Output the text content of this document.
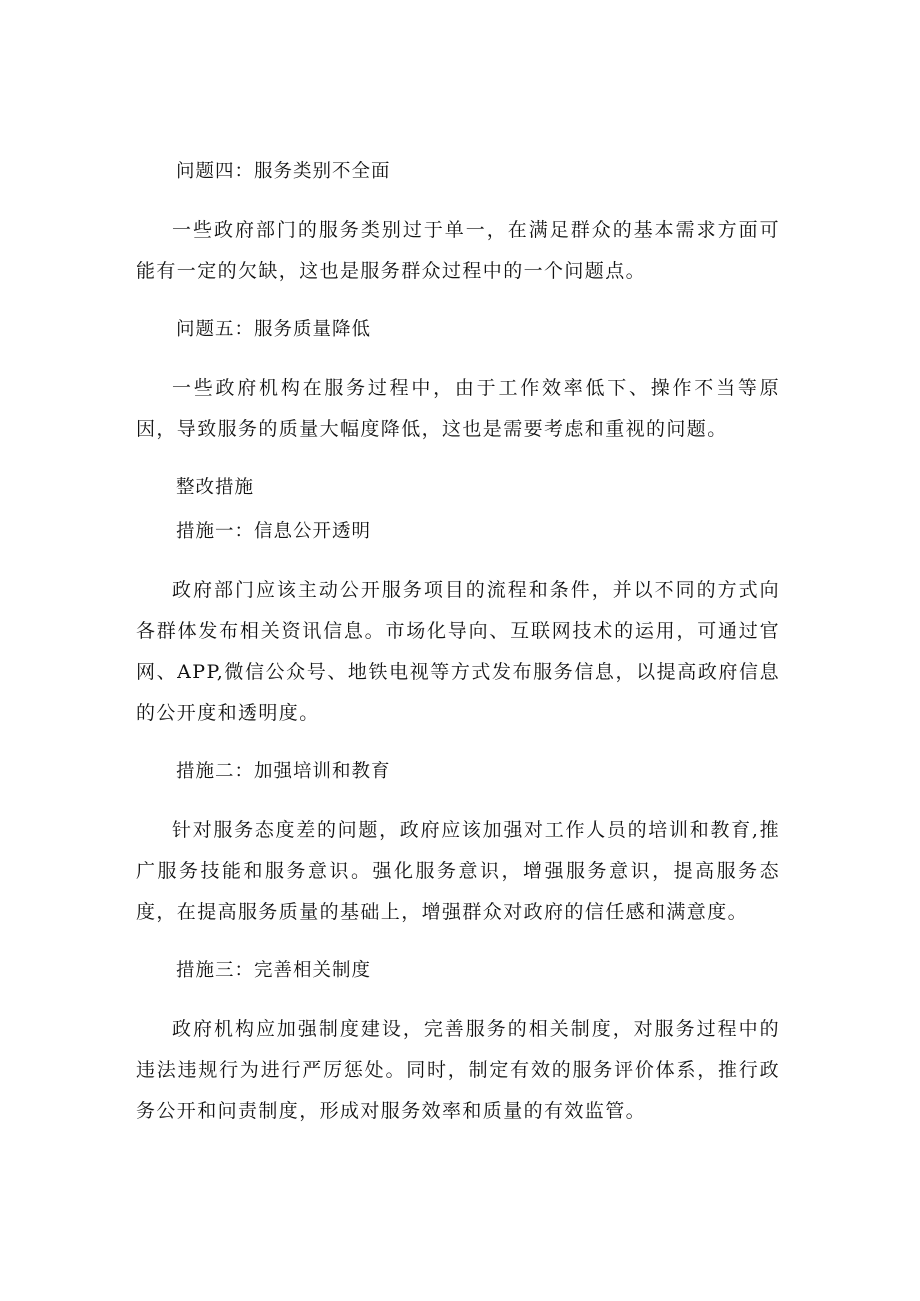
问题四：服务类别不全面

一些政府部门的服务类别过于单一，在满足群众的基本需求方面可能有一定的欠缺，这也是服务群众过程中的一个问题点。

问题五：服务质量降低

一些政府机构在服务过程中，由于工作效率低下、操作不当等原因，导致服务的质量大幅度降低，这也是需要考虑和重视的问题。

整改措施

措施一：信息公开透明

政府部门应该主动公开服务项目的流程和条件，并以不同的方式向各群体发布相关资讯信息。市场化导向、互联网技术的运用，可通过官网、APP,微信公众号、地铁电视等方式发布服务信息，以提高政府信息的公开度和透明度。

措施二：加强培训和教育

针对服务态度差的问题，政府应该加强对工作人员的培训和教育,推广服务技能和服务意识。强化服务意识，增强服务意识，提高服务态度，在提高服务质量的基础上，增强群众对政府的信任感和满意度。

措施三：完善相关制度

政府机构应加强制度建设，完善服务的相关制度，对服务过程中的违法违规行为进行严厉惩处。同时，制定有效的服务评价体系，推行政务公开和问责制度，形成对服务效率和质量的有效监管。
